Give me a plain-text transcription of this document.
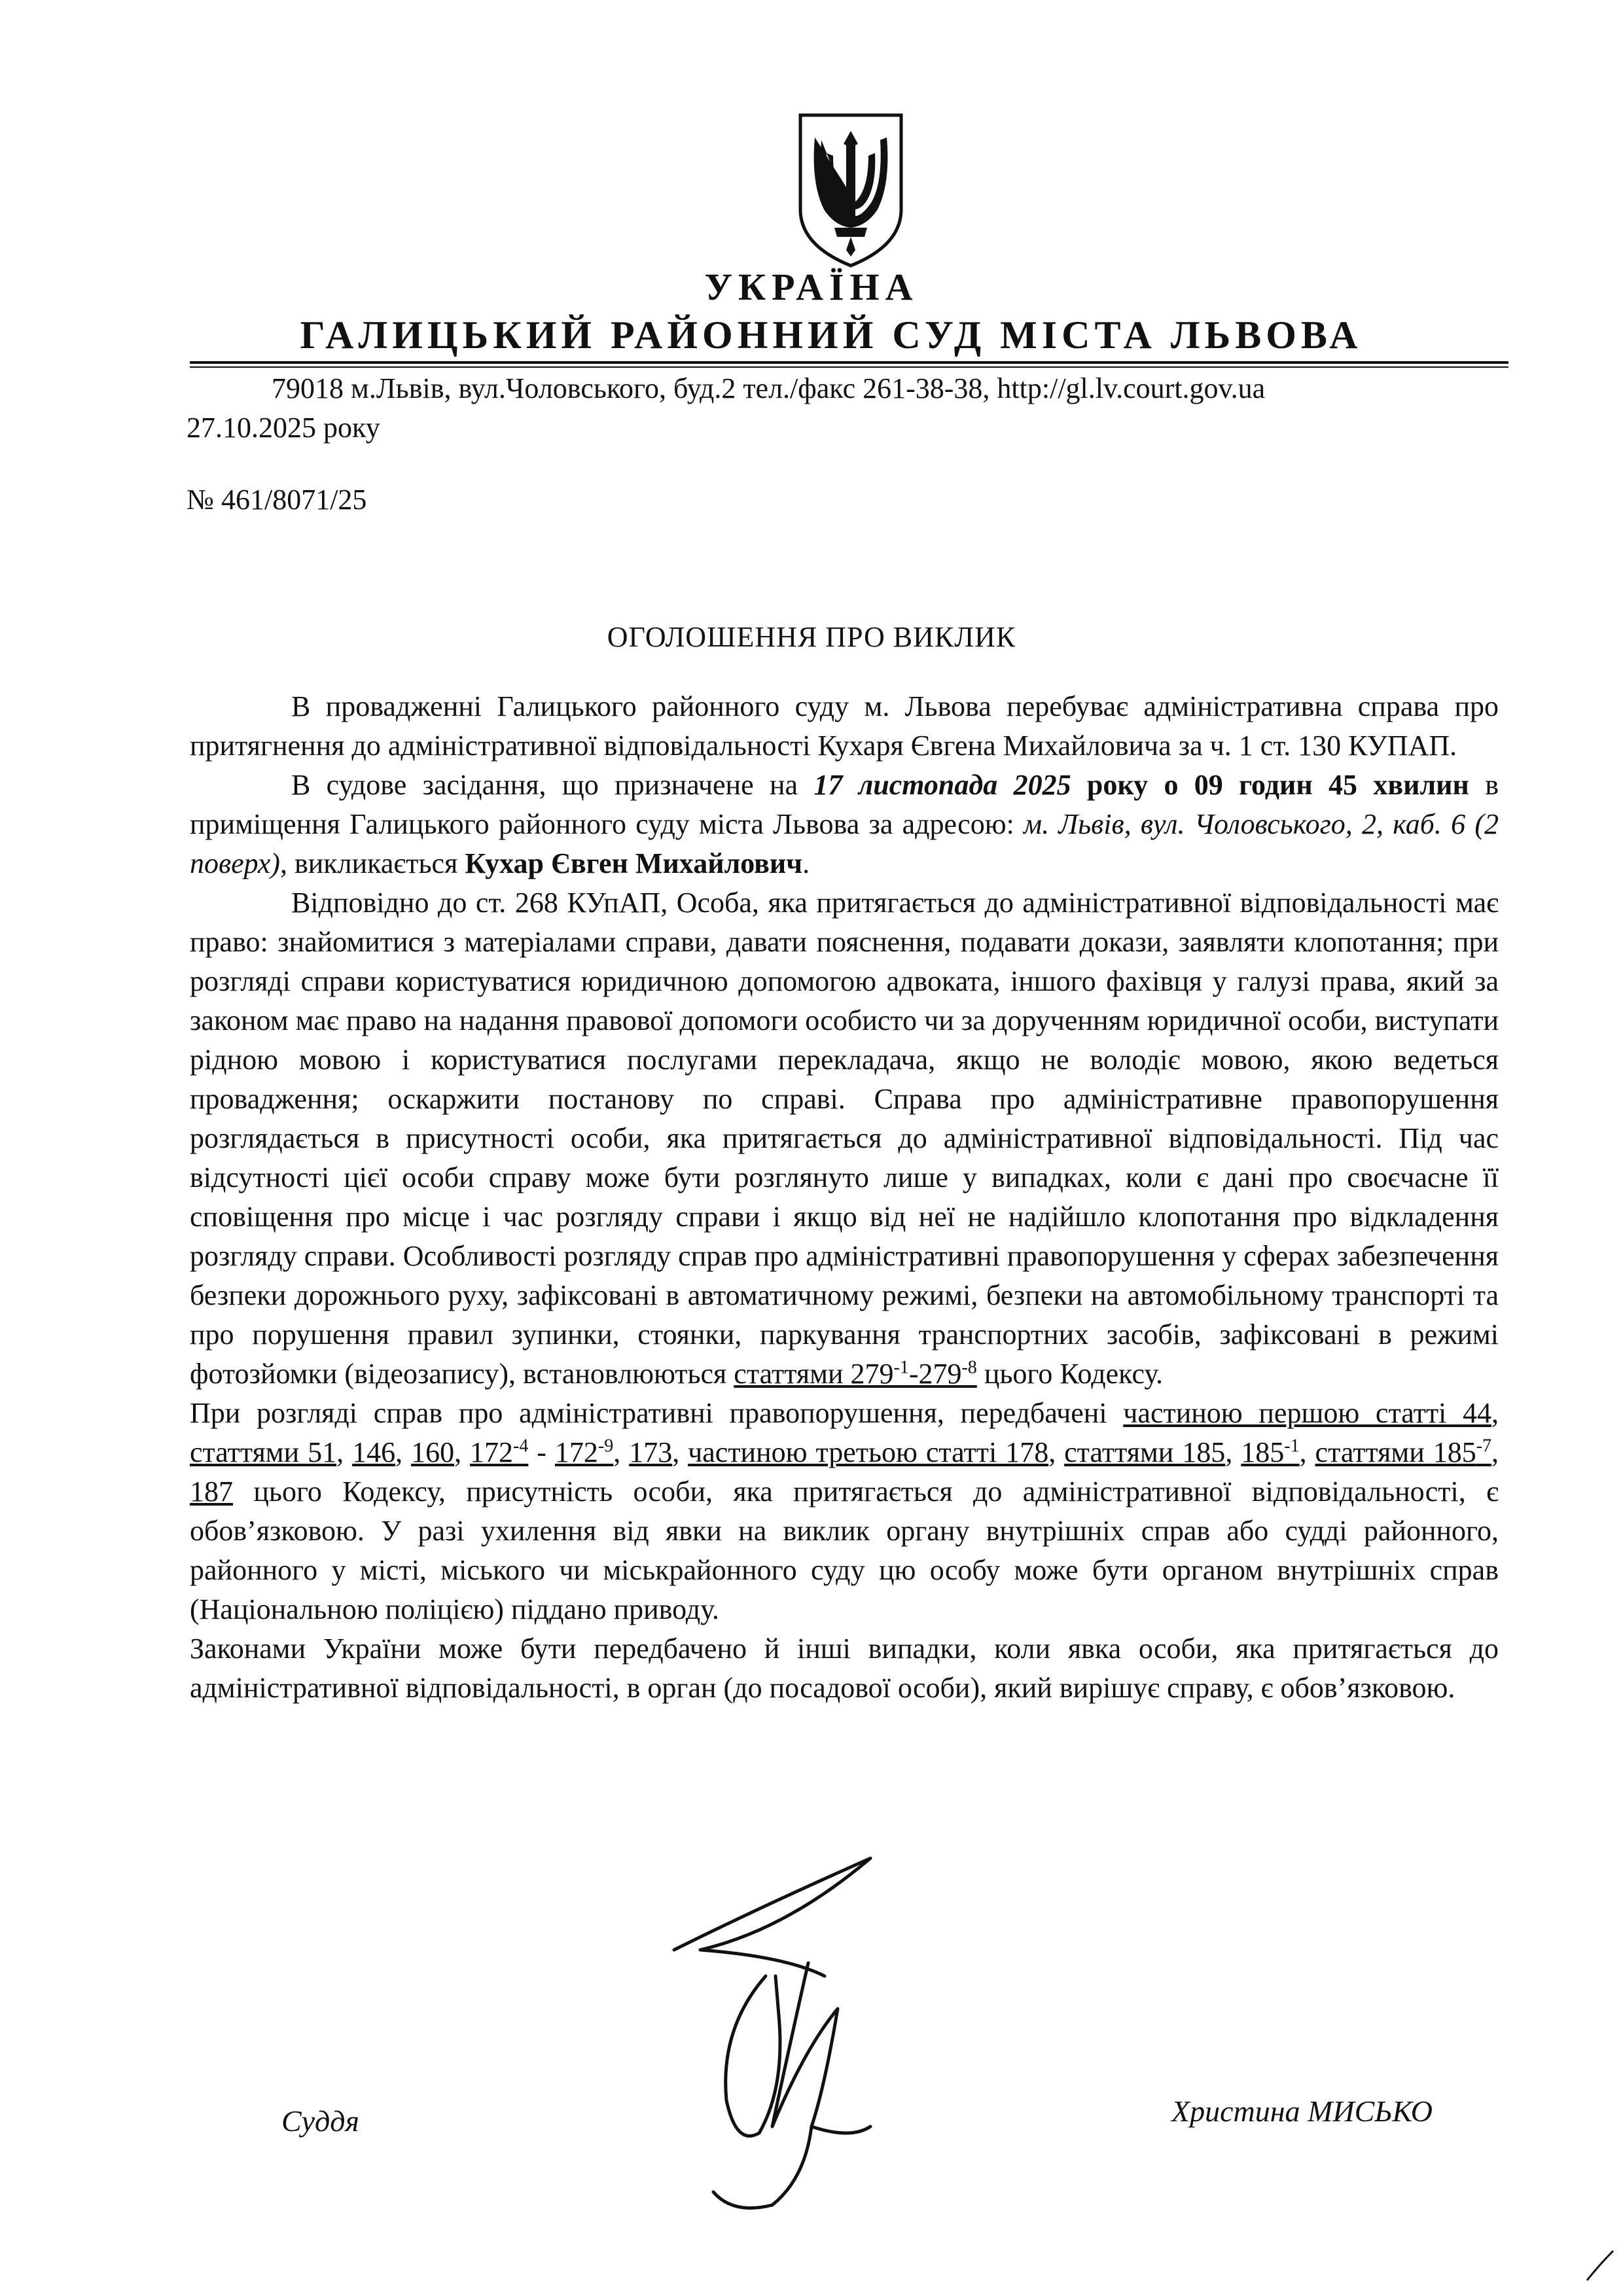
УКРАЇНА
ГАЛИЦЬКИЙ РАЙОННИЙ СУД МІСТА ЛЬВОВА
79018 м.Львів, вул.Чоловського, буд.2 тел./факс 261-38-38, http://gl.lv.court.gov.ua
27.10.2025 року
№ 461/8071/25
ОГОЛОШЕННЯ ПРО ВИКЛИК

В провадженні Галицького районного суду м. Львова перебуває адміністративна справа про притягнення до адміністративної відповідальності Кухаря Євгена Михайловича за ч. 1 ст. 130 КУПАП.

В судове засідання, що призначене на 17 листопада 2025 року о 09 годин 45 хвилин в приміщення Галицького районного суду міста Львова за адресою: м. Львів, вул. Чоловського, 2, каб. 6 (2 поверх), викликається Кухар Євген Михайлович.

Відповідно до ст. 268 КУпАП, Особа, яка притягається до адміністративної відповідальності має право: знайомитися з матеріалами справи, давати пояснення, подавати докази, заявляти клопотання; при розгляді справи користуватися юридичною допомогою адвоката, іншого фахівця у галузі права, який за законом має право на надання правової допомоги особисто чи за дорученням юридичної особи, виступати рідною мовою і користуватися послугами перекладача, якщо не володіє мовою, якою ведеться провадження; оскаржити постанову по справі. Справа про адміністративне правопорушення розглядається в присутності особи, яка притягається до адміністративної відповідальності. Під час відсутності цієї особи справу може бути розглянуто лише у випадках, коли є дані про своєчасне її сповіщення про місце і час розгляду справи і якщо від неї не надійшло клопотання про відкладення розгляду справи. Особливості розгляду справ про адміністративні правопорушення у сферах забезпечення безпеки дорожнього руху, зафіксовані в автоматичному режимі, безпеки на автомобільному транспорті та про порушення правил зупинки, стоянки, паркування транспортних засобів, зафіксовані в режимі фотозйомки (відеозапису), встановлюються статтями $279^{-1}-279^{-8}$ цього Кодексу.

При розгляді справ про адміністративні правопорушення, передбачені частиною першою статті 44, статтями 51, 146, 160, $172^{-4} - 172^{-9}$, 173, частиною третьою статті 178, статтями 185, $185^{-1}$, статтями $185^{-7}$, 187 цього Кодексу, присутність особи, яка притягається до адміністративної відповідальності, є обов’язковою. У разі ухилення від явки на виклик органу внутрішніх справ або судді районного, районного у місті, міського чи міськрайонного суду цю особу може бути органом внутрішніх справ (Національною поліцією) піддано приводу.

Законами України може бути передбачено й інші випадки, коли явка особи, яка притягається до адміністративної відповідальності, в орган (до посадової особи), який вирішує справу, є обов’язковою.

Суддя	Христина МИСЬКО
